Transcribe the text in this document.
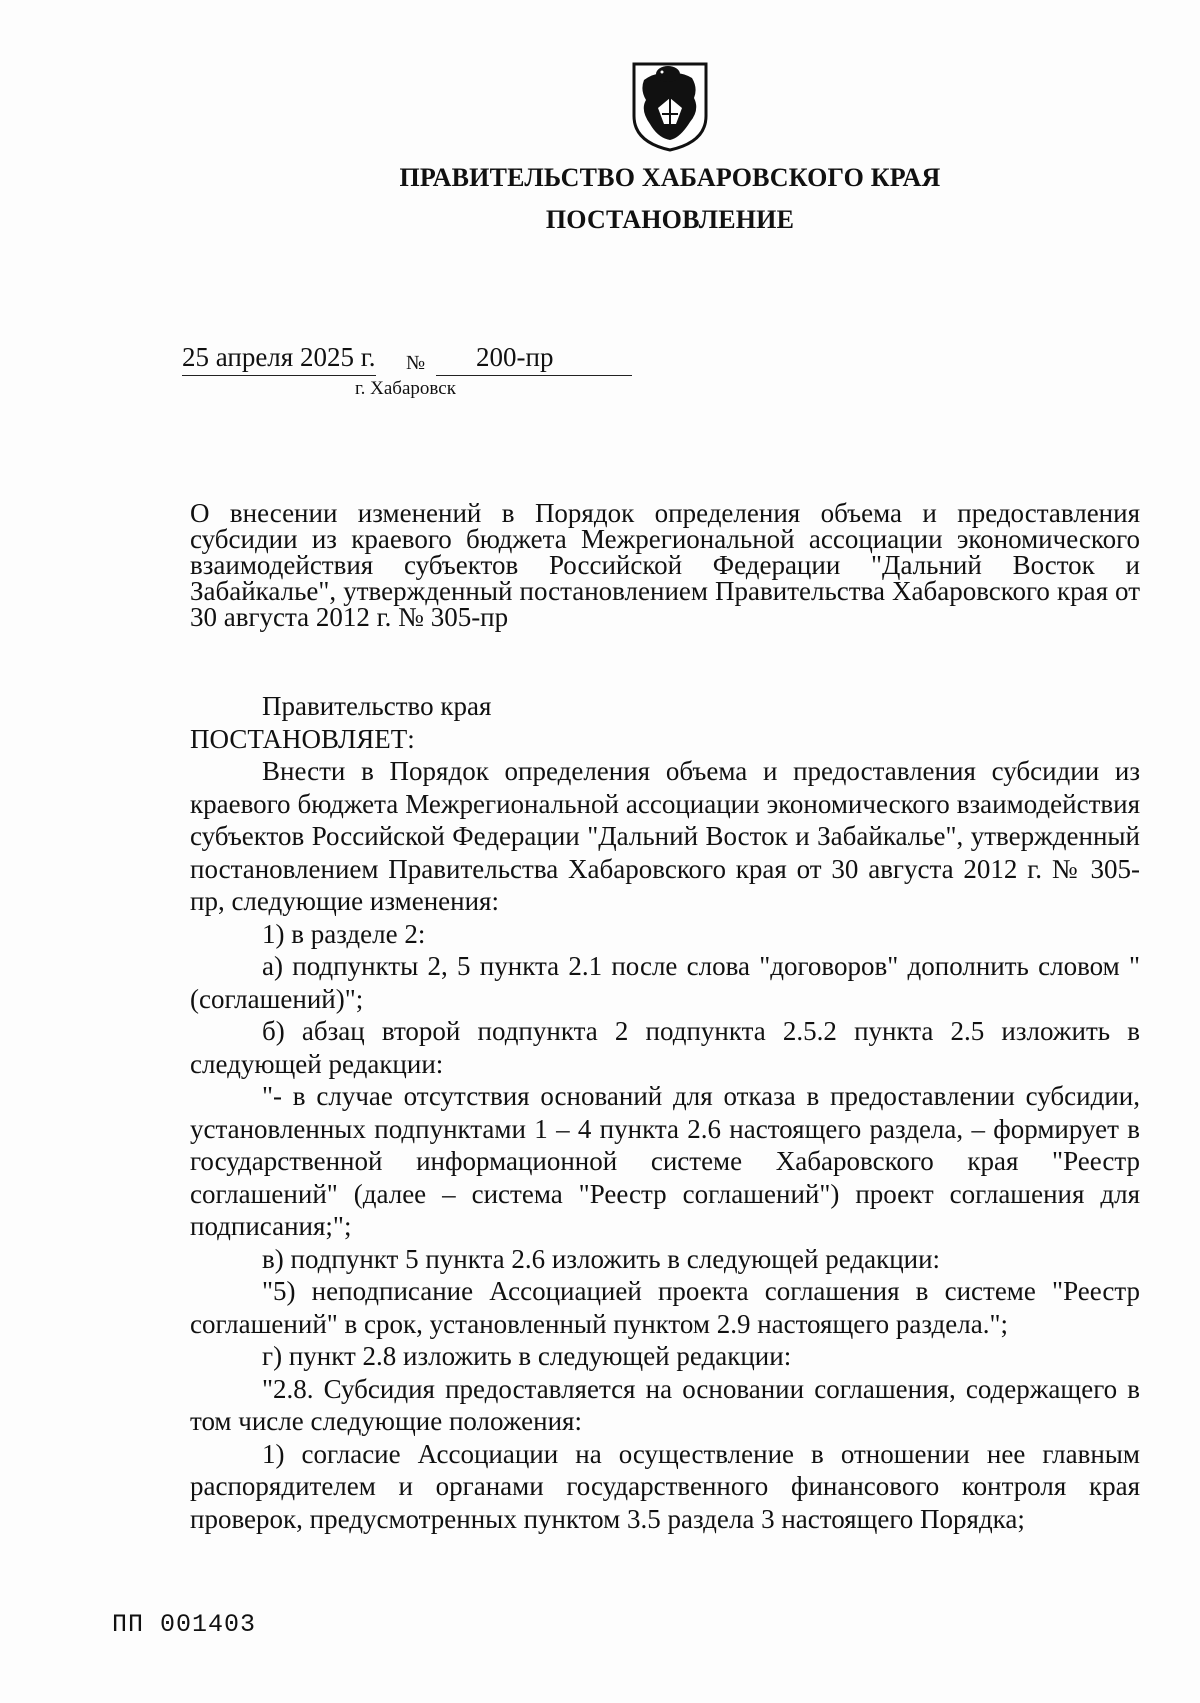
ПРАВИТЕЛЬСТВО ХАБАРОВСКОГО КРАЯ
ПОСТАНОВЛЕНИЕ
25 апреля 2025 г. №	200-пр
г. Хабаровск
О внесении изменений в Порядок определения объема и предоставления субсидии из краевого бюджета Межрегиональной ассоциации экономического взаимодействия субъектов Российской Федерации "Дальний Восток и Забайкалье", утвержденный постановлением Правительства Хабаровского края от 30 августа 2012 г. № 305-пр

Правительство края

ПОСТАНОВЛЯЕТ:

Внести в Порядок определения объема и предоставления субсидии из краевого бюджета Межрегиональной ассоциации экономического взаимодействия субъектов Российской Федерации "Дальний Восток и Забайкалье", утвержденный постановлением Правительства Хабаровского края от 30 августа 2012 г. № 305-пр, следующие изменения:

1) в разделе 2:

а) подпункты 2, 5 пункта 2.1 после слова "договоров" дополнить словом "(соглашений)";

б) абзац второй подпункта 2 подпункта 2.5.2 пункта 2.5 изложить в следующей редакции:

"- в случае отсутствия оснований для отказа в предоставлении субсидии, установленных подпунктами 1 – 4 пункта 2.6 настоящего раздела, – формирует в государственной информационной системе Хабаровского края "Реестр соглашений" (далее – система "Реестр соглашений") проект соглашения для подписания;";

в) подпункт 5 пункта 2.6 изложить в следующей редакции:

"5) неподписание Ассоциацией проекта соглашения в системе "Реестр соглашений" в срок, установленный пунктом 2.9 настоящего раздела.";

г) пункт 2.8 изложить в следующей редакции:

"2.8. Субсидия предоставляется на основании соглашения, содержащего в том числе следующие положения:

1) согласие Ассоциации на осуществление в отношении нее главным распорядителем и органами государственного финансового контроля края проверок, предусмотренных пунктом 3.5 раздела 3 настоящего Порядка;

ПП 001403
